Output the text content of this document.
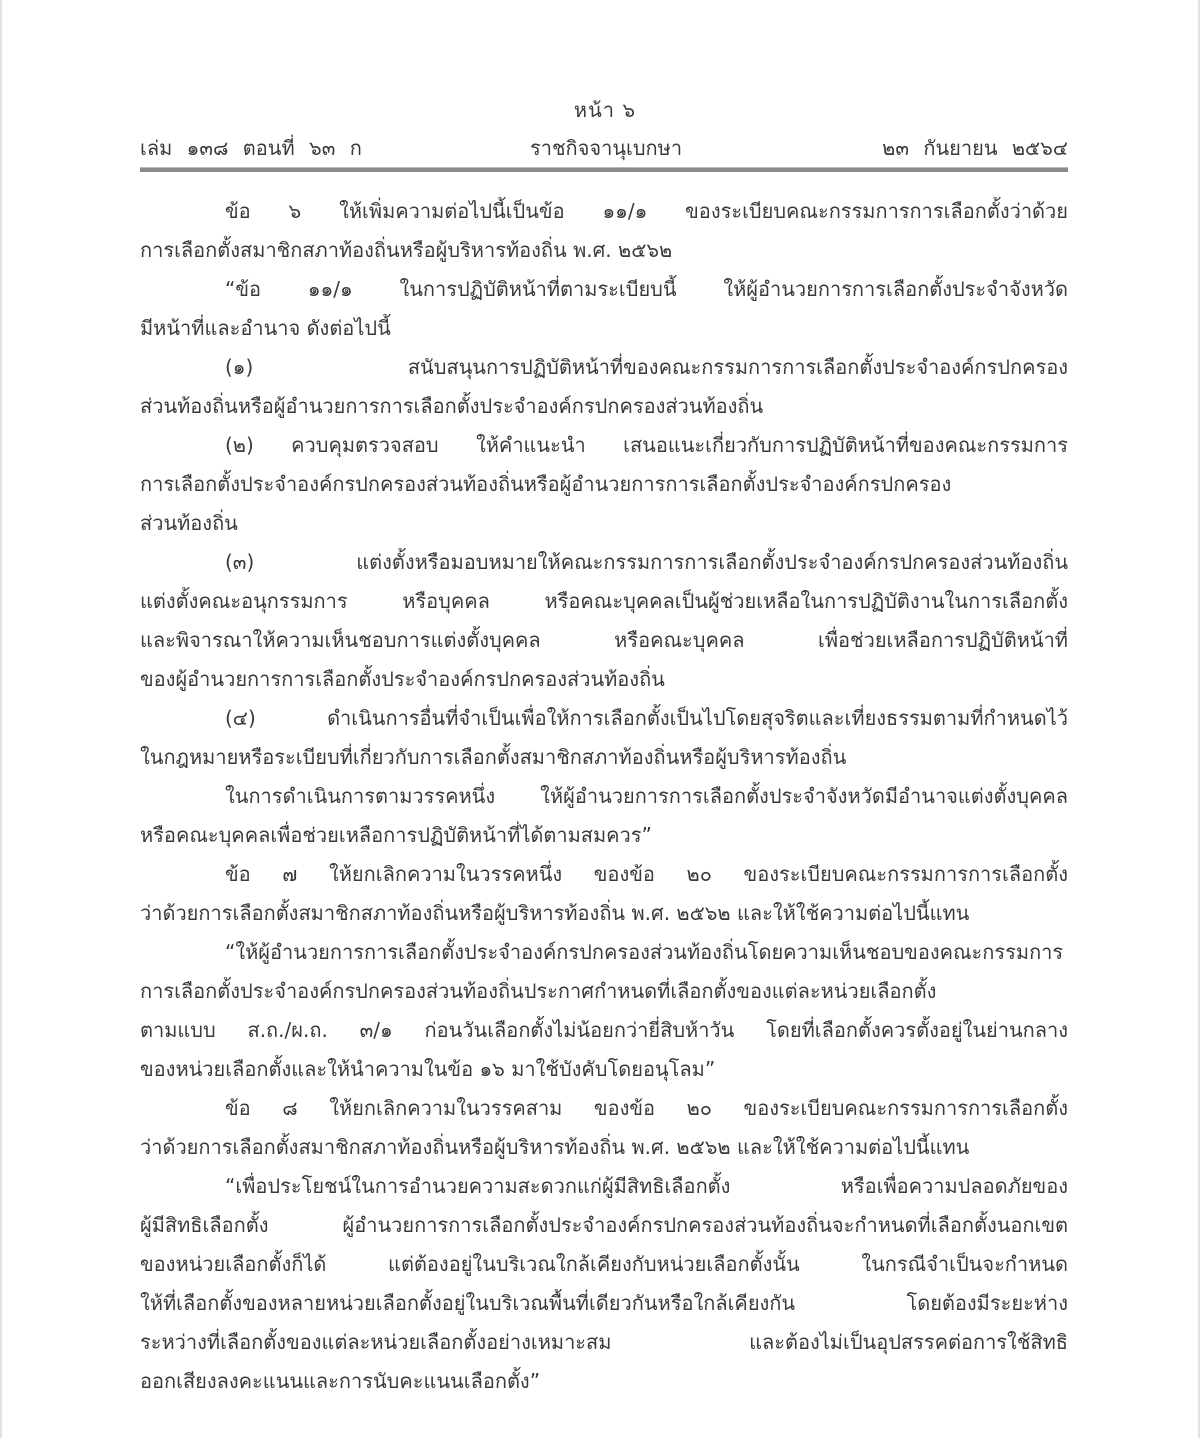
หน้า ๖
เล่ม ๑๓๘ ตอนที่ ๖๓ ก	ราชกิจจานุเบกษา	๒๓ กันยายน ๒๕๖๔
ข้อ ๖ ให้เพิ่มความต่อไปนี้เป็นข้อ ๑๑/๑ ของระเบียบคณะกรรมการการเลือกตั้งว่าด้วย
การเลือกตั้งสมาชิกสภาท้องถิ่นหรือผู้บริหารท้องถิ่น พ.ศ. ๒๕๖๒
“ข้อ ๑๑/๑ ในการปฏิบัติหน้าที่ตามระเบียบนี้ ให้ผู้อำนวยการการเลือกตั้งประจำจังหวัด
มีหน้าที่และอำนาจ ดังต่อไปนี้
(๑) สนับสนุนการปฏิบัติหน้าที่ของคณะกรรมการการเลือกตั้งประจำองค์กรปกครอง
ส่วนท้องถิ่นหรือผู้อำนวยการการเลือกตั้งประจำองค์กรปกครองส่วนท้องถิ่น
(๒) ควบคุมตรวจสอบ ให้คำแนะนำ เสนอแนะเกี่ยวกับการปฏิบัติหน้าที่ของคณะกรรมการ
การเลือกตั้งประจำองค์กรปกครองส่วนท้องถิ่นหรือผู้อำนวยการการเลือกตั้งประจำองค์กรปกครอง
ส่วนท้องถิ่น
(๓) แต่งตั้งหรือมอบหมายให้คณะกรรมการการเลือกตั้งประจำองค์กรปกครองส่วนท้องถิ่น
แต่งตั้งคณะอนุกรรมการ หรือบุคคล หรือคณะบุคคลเป็นผู้ช่วยเหลือในการปฏิบัติงานในการเลือกตั้ง
และพิจารณาให้ความเห็นชอบการแต่งตั้งบุคคล หรือคณะบุคคล เพื่อช่วยเหลือการปฏิบัติหน้าที่
ของผู้อำนวยการการเลือกตั้งประจำองค์กรปกครองส่วนท้องถิ่น
(๔) ดำเนินการอื่นที่จำเป็นเพื่อให้การเลือกตั้งเป็นไปโดยสุจริตและเที่ยงธรรมตามที่กำหนดไว้
ในกฎหมายหรือระเบียบที่เกี่ยวกับการเลือกตั้งสมาชิกสภาท้องถิ่นหรือผู้บริหารท้องถิ่น
ในการดำเนินการตามวรรคหนึ่ง ให้ผู้อำนวยการการเลือกตั้งประจำจังหวัดมีอำนาจแต่งตั้งบุคคล
หรือคณะบุคคลเพื่อช่วยเหลือการปฏิบัติหน้าที่ได้ตามสมควร”
ข้อ ๗ ให้ยกเลิกความในวรรคหนึ่ง ของข้อ ๒๐ ของระเบียบคณะกรรมการการเลือกตั้ง
ว่าด้วยการเลือกตั้งสมาชิกสภาท้องถิ่นหรือผู้บริหารท้องถิ่น พ.ศ. ๒๕๖๒ และให้ใช้ความต่อไปนี้แทน
“ให้ผู้อำนวยการการเลือกตั้งประจำองค์กรปกครองส่วนท้องถิ่นโดยความเห็นชอบของคณะกรรมการ
การเลือกตั้งประจำองค์กรปกครองส่วนท้องถิ่นประกาศกำหนดที่เลือกตั้งของแต่ละหน่วยเลือกตั้ง
ตามแบบ ส.ถ./ผ.ถ. ๓/๑ ก่อนวันเลือกตั้งไม่น้อยกว่ายี่สิบห้าวัน โดยที่เลือกตั้งควรตั้งอยู่ในย่านกลาง
ของหน่วยเลือกตั้งและให้นำความในข้อ ๑๖ มาใช้บังคับโดยอนุโลม”
ข้อ ๘ ให้ยกเลิกความในวรรคสาม ของข้อ ๒๐ ของระเบียบคณะกรรมการการเลือกตั้ง
ว่าด้วยการเลือกตั้งสมาชิกสภาท้องถิ่นหรือผู้บริหารท้องถิ่น พ.ศ. ๒๕๖๒ และให้ใช้ความต่อไปนี้แทน
“เพื่อประโยชน์ในการอำนวยความสะดวกแก่ผู้มีสิทธิเลือกตั้ง หรือเพื่อความปลอดภัยของ
ผู้มีสิทธิเลือกตั้ง ผู้อำนวยการการเลือกตั้งประจำองค์กรปกครองส่วนท้องถิ่นจะกำหนดที่เลือกตั้งนอกเขต
ของหน่วยเลือกตั้งก็ได้ แต่ต้องอยู่ในบริเวณใกล้เคียงกับหน่วยเลือกตั้งนั้น ในกรณีจำเป็นจะกำหนด
ให้ที่เลือกตั้งของหลายหน่วยเลือกตั้งอยู่ในบริเวณพื้นที่เดียวกันหรือใกล้เคียงกัน โดยต้องมีระยะห่าง
ระหว่างที่เลือกตั้งของแต่ละหน่วยเลือกตั้งอย่างเหมาะสม และต้องไม่เป็นอุปสรรคต่อการใช้สิทธิ
ออกเสียงลงคะแนนและการนับคะแนนเลือกตั้ง”
